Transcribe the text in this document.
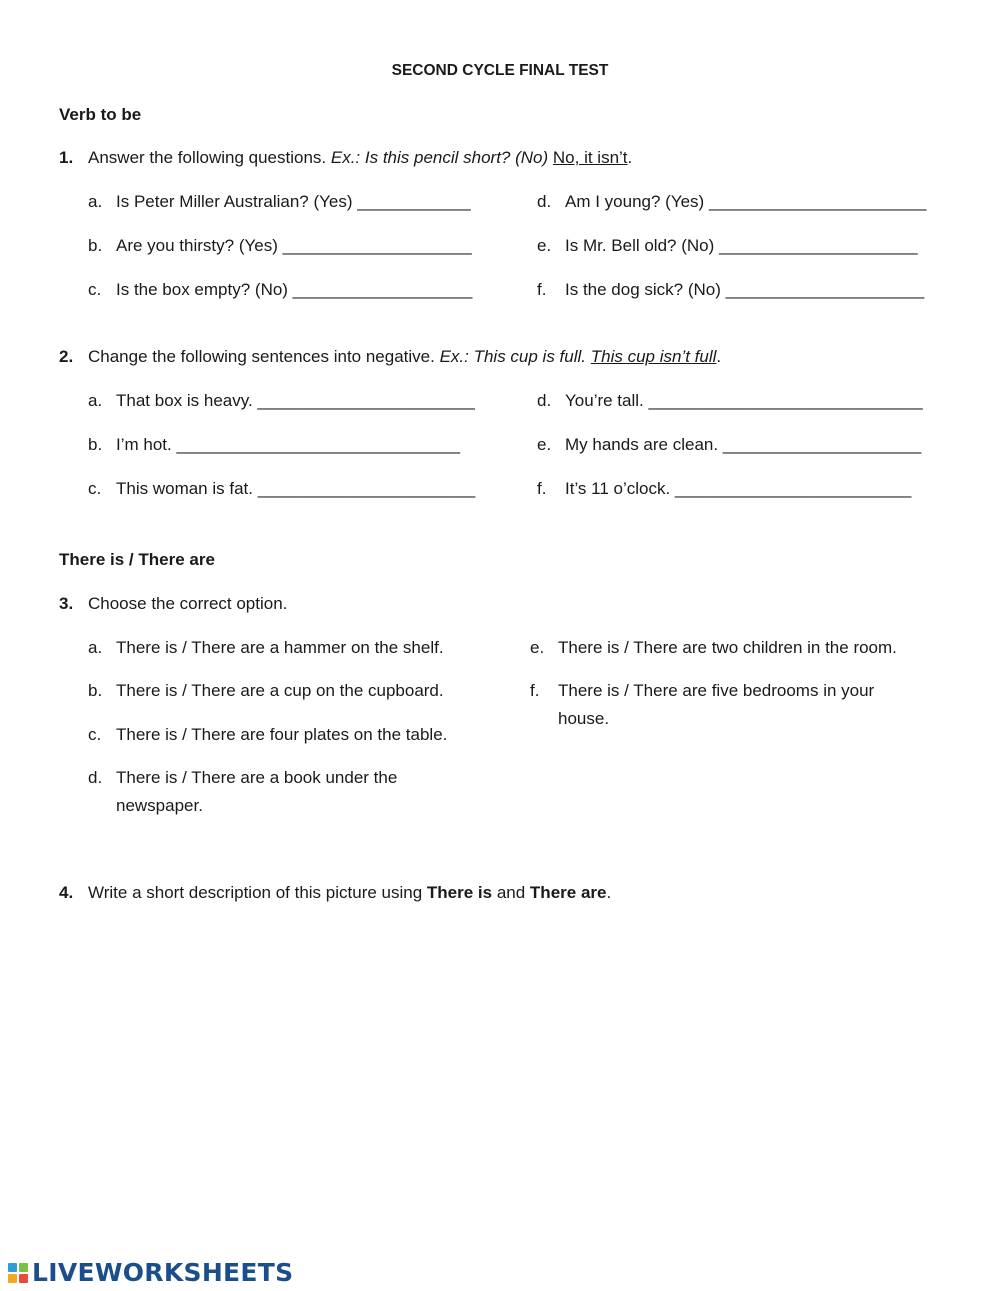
SECOND CYCLE FINAL TEST
Verb to be
1. Answer the following questions. Ex.: Is this pencil short? (No) No, it isn’t.
a. Is Peter Miller Australian? (Yes) ____________
b. Are you thirsty? (Yes) ____________________
c. Is the box empty? (No) ___________________
d. Am I young? (Yes) _______________________
e. Is Mr. Bell old? (No) _____________________
f. Is the dog sick? (No) _____________________
2. Change the following sentences into negative. Ex.: This cup is full. This cup isn’t full.
a. That box is heavy. _______________________
b. I’m hot. ______________________________
c. This woman is fat. _______________________
d. You’re tall. _____________________________
e. My hands are clean. _____________________
f. It’s 11 o’clock. _________________________
There is / There are
3. Choose the correct option.
a. There is / There are a hammer on the shelf.
b. There is / There are a cup on the cupboard.
c. There is / There are four plates on the table.
d. There is / There are a book under the
newspaper.
e. There is / There are two children in the room.
f. There is / There are five bedrooms in your
house.
4. Write a short description of this picture using There is and There are.
LIVEWORKSHEETS
